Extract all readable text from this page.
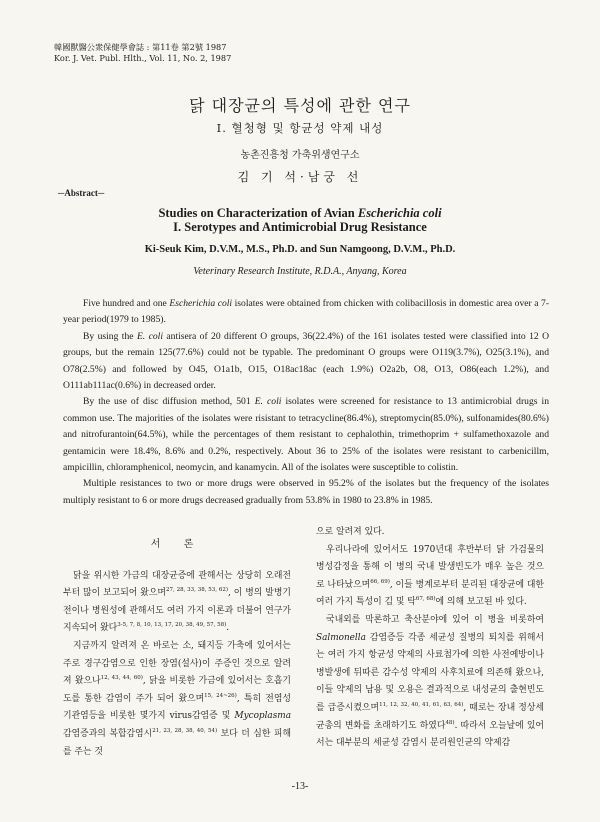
韓國獸醫公衆保健學會誌 : 第11卷 第2號 1987
Kor. J. Vet. Publ. Hlth., Vol. 11, No. 2, 1987
닭 대장균의 특성에 관한 연구
Ⅰ. 혈청형 및 항균성 약제 내성
농촌진흥청 가축위생연구소
김 기 석·남궁 선
─Abstract─
Studies on Characterization of Avian Escherichia coli
I. Serotypes and Antimicrobial Drug Resistance
Ki-Seuk Kim, D.V.M., M.S., Ph.D. and Sun Namgoong, D.V.M., Ph.D.
Veterinary Research Institute, R.D.A., Anyang, Korea

Five hundred and one Escherichia coli isolates were obtained from chicken with colibacillosis in domestic area over a 7-year period(1979 to 1985).

By using the E. coli antisera of 20 different O groups, 36(22.4%) of the 161 isolates tested were classified into 12 O groups, but the remain 125(77.6%) could not be typable. The predominant O groups were O119(3.7%), O25(3.1%), and O78(2.5%) and followed by O45, O1a1b, O15, O18ac18ac (each 1.9%) O2a2b, O8, O13, O86(each 1.2%), and O111ab111ac(0.6%) in decreased order.

By the use of disc diffusion method, 501 E. coli isolates were screened for resistance to 13 antimicrobial drugs in common use. The majorities of the isolates were risistant to tetracycline(86.4%), streptomycin(85.0%), sulfonamides(80.6%) and nitrofurantoin(64.5%), while the percentages of them resistant to cephalothin, trimethoprim + sulfamethoxazole and gentamicin were 18.4%, 8.6% and 0.2%, respectively. About 36 to 25% of the isolates were resistant to carbenicillm, ampicillin, chloramphenicol, neomycin, and kanamycin. All of the isolates were susceptible to colistin.

Multiple resistances to two or more drugs were observed in 95.2% of the isolates but the frequency of the isolates multiply resistant to 6 or more drugs decreased gradually from 53.8% in 1980 to 23.8% in 1985.

서 론

닭을 위시한 가금의 대장균증에 관해서는 상당히 오래전부터 많이 보고되어 왔으며$^{27, 28, 33, 38, 53, 62)}$, 이 병의 발병기전이나 병원성에 관해서도 여러 가지 이론과 더불어 연구가 지속되어 왔다$^{3-5, 7, 8, 10, 13, 17, 20, 38, 49, 57, 58)}$.

지금까지 알려져 온 바로는 소, 돼지등 가축에 있어서는 주로 경구감염으로 인한 장염(설사)이 주증인 것으로 알려져 왔으나$^{12, 43, 44, 60)}$, 닭을 비롯한 가금에 있어서는 호흡기도를 통한 감염이 주가 되어 왔으며$^{15, 24\sim 26)}$, 특히 전염성 기관염등을 비롯한 몇가지 virus감염증 및 Mycoplasma감염증과의 복합감염시$^{21, 23, 28, 38, 40, 54)}$ 보다 더 심한 피해를 주는 것

으로 알려져 있다.

우리나라에 있어서도 1970년대 후반부터 닭 가검물의 병성감정을 통해 이 병의 국내 발생빈도가 매우 높은 것으로 나타났으며$^{66, 69)}$, 이들 병계로부터 분리된 대장균에 대한 여러 가지 특성이 김 및 탁$^{67, 68)}$에 의해 보고된 바 있다.

국내외를 막론하고 축산분야에 있어 이 병을 비롯하여 Salmonella 감염증등 각종 세균성 질병의 퇴치를 위해서는 여러 가지 항균성 약제의 사료첨가에 의한 사전예방이나 병발생에 뒤따른 감수성 약제의 사후치료에 의존해 왔으나, 이들 약제의 남용 및 오용은 결과적으로 내성균의 출현빈도를 급증시켰으며$^{11, 12, 32, 40, 41, 61, 63, 64)}$, 때로는 장내 정상세균총의 변화를 초래하기도 하였다$^{48)}$. 따라서 오늘날에 있어서는 대부분의 세균성 감염시 분리원인균의 약제감

-13-
